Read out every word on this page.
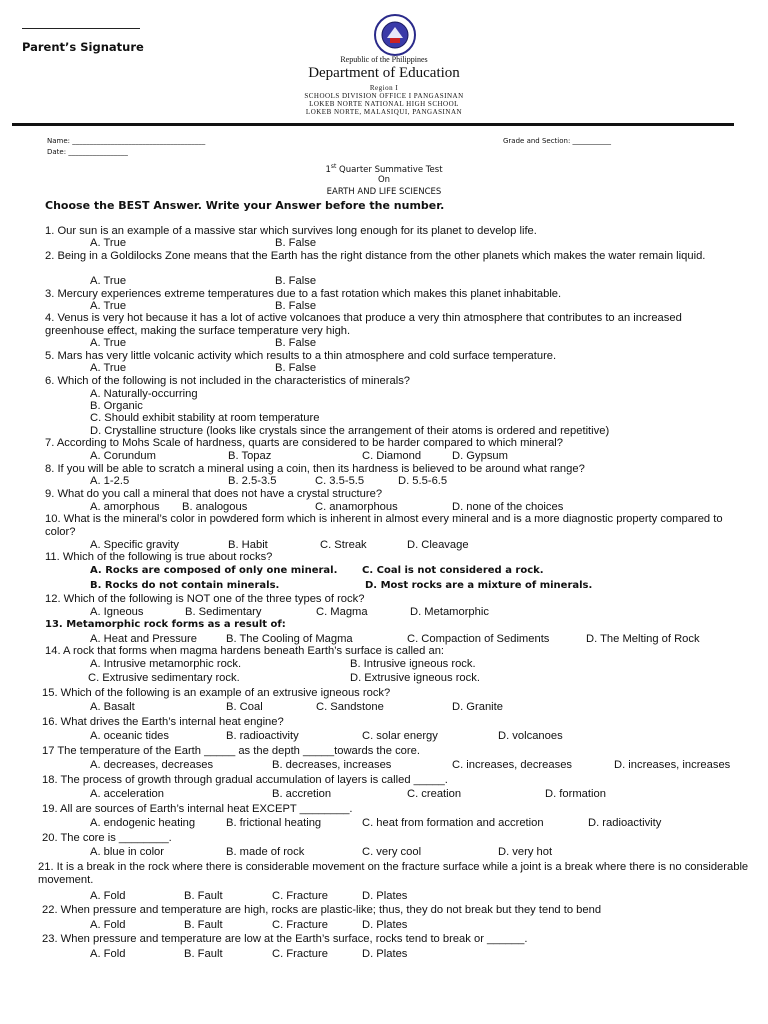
Parent’s Signature
Republic of the Philippines
Department of Education
Region I
SCHOOLS DIVISION OFFICE I PANGASINAN
LOKEB NORTE NATIONAL HIGH SCHOOL
LOKEB NORTE, MALASIQUI, PANGASINAN
Name: ______________________________________	Grade and Section: ___________
Date: _________________
1st Quarter Summative Test
On
EARTH AND LIFE SCIENCES
Choose the BEST Answer. Write your Answer before the number.
1. Our sun is an example of a massive star which survives long enough for its planet to develop life.
A. True	B. False
2. Being in a Goldilocks Zone means that the Earth has the right distance from the other planets which makes the water remain liquid.
A. True	B. False
3. Mercury experiences extreme temperatures due to a fast rotation which makes this planet inhabitable.
A. True	B. False
4. Venus is very hot because it has a lot of active volcanoes that produce a very thin atmosphere that contributes to an increased greenhouse effect, making the surface temperature very high.
A. True	B. False
5. Mars has very little volcanic activity which results to a thin atmosphere and cold surface temperature.
A. True	B. False
6. Which of the following is not included in the characteristics of minerals?
A. Naturally-occurring
B. Organic
C. Should exhibit stability at room temperature
D. Crystalline structure (looks like crystals since the arrangement of their atoms is ordered and repetitive)
7. According to Mohs Scale of hardness, quarts are considered to be harder compared to which mineral?
A. Corundum	B. Topaz	C. Diamond	D. Gypsum
8. If you will be able to scratch a mineral using a coin, then its hardness is believed to be around what range?
A. 1-2.5	B. 2.5-3.5	C. 3.5-5.5	D. 5.5-6.5
9. What do you call a mineral that does not have a crystal structure?
A. amorphous B. analogous	C. anamorphous	D. none of the choices
10. What is the mineral’s color in powdered form which is inherent in almost every mineral and is a more diagnostic property compared to color?
A. Specific gravity	B. Habit	C. Streak	D. Cleavage
11. Which of the following is true about rocks?
A. Rocks are composed of only one mineral. C. Coal is not considered a rock.
B. Rocks do not contain minerals.	D. Most rocks are a mixture of minerals.
12. Which of the following is NOT one of the three types of rock?
A. Igneous	B. Sedimentary	C. Magma	D. Metamorphic
13. Metamorphic rock forms as a result of:
A. Heat and Pressure	B. The Cooling of Magma	C. Compaction of Sediments	D. The Melting of Rock
14. A rock that forms when magma hardens beneath Earth’s surface is called an:
A. Intrusive metamorphic rock.	B. Intrusive igneous rock.
C. Extrusive sedimentary rock.	D. Extrusive igneous rock.
15. Which of the following is an example of an extrusive igneous rock?
A. Basalt	B. Coal	C. Sandstone	D. Granite
16. What drives the Earth’s internal heat engine?
A. oceanic tides	B. radioactivity	C. solar energy	D. volcanoes
17 The temperature of the Earth _____ as the depth _____towards the core.
A. decreases, decreases	B. decreases, increases	C. increases, decreases	D. increases, increases
18. The process of growth through gradual accumulation of layers is called _____.
A. acceleration	B. accretion	C. creation	D. formation
19. All are sources of Earth’s internal heat EXCEPT ________.
A. endogenic heating	B. frictional heating	C. heat from formation and accretion	D. radioactivity
20. The core is ________.
A. blue in color	B. made of rock	C. very cool	D. very hot
21. It is a break in the rock where there is considerable movement on the fracture surface while a joint is a break where there is no considerable movement.
A. Fold	B. Fault	C. Fracture	D. Plates
22. When pressure and temperature are high, rocks are plastic-like; thus, they do not break but they tend to bend
A. Fold	B. Fault	C. Fracture	D. Plates
23. When pressure and temperature are low at the Earth’s surface, rocks tend to break or ______.
A. Fold	B. Fault	C. Fracture	D. Plates
